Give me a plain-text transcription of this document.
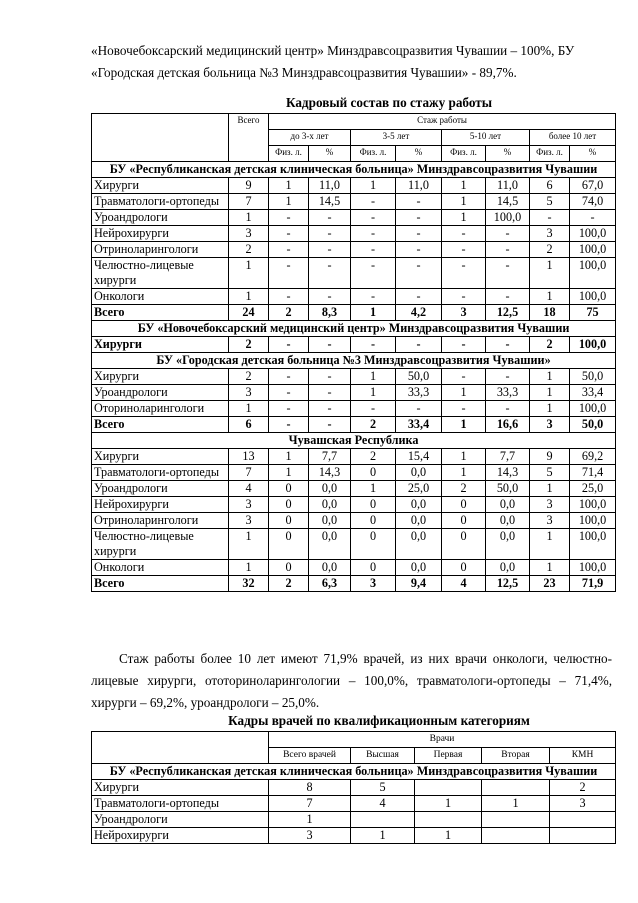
«Новочебоксарский медицинский центр» Минздравсоцразвития Чувашии – 100%, БУ «Городская детская больница №3 Минздравсоцразвития Чувашии» - 89,7%.

Кадровый состав по стажу работы
	Всего	Стаж работы							
		до 3-х лет		3-5 лет		5-10 лет		более 10 лет	
		Физ. л.	%	Физ. л.	%	Физ. л.	%	Физ. л.	%
БУ «Республиканская детская клиническая больница» Минздравсоцразвития Чувашии									
Хирурги	9	1	11,0	1	11,0	1	11,0	6	67,0
Травматологи-ортопеды	7	1	14,5	-	-	1	14,5	5	74,0
Уроандрологи	1	-	-	-	-	1	100,0	-	-
Нейрохирурги	3	-	-	-	-	-	-	3	100,0
Отриноларингологи	2	-	-	-	-	-	-	2	100,0
Челюстно-лицевые хирурги	1	-	-	-	-	-	-	1	100,0
Онкологи	1	-	-	-	-	-	-	1	100,0
Всего	24	2	8,3	1	4,2	3	12,5	18	75
БУ «Новочебоксарский медицинский центр» Минздравсоцразвития Чувашии									
Хирурги	2	-	-	-	-	-	-	2	100,0
БУ «Городская детская больница №3 Минздравсоцразвития Чувашии»									
Хирурги	2	-	-	1	50,0	-	-	1	50,0
Уроандрологи	3	-	-	1	33,3	1	33,3	1	33,4
Оториноларингологи	1	-	-	-	-	-	-	1	100,0
Всего	6	-	-	2	33,4	1	16,6	3	50,0
Чувашская Республика									
Хирурги	13	1	7,7	2	15,4	1	7,7	9	69,2
Травматологи-ортопеды	7	1	14,3	0	0,0	1	14,3	5	71,4
Уроандрологи	4	0	0,0	1	25,0	2	50,0	1	25,0
Нейрохирурги	3	0	0,0	0	0,0	0	0,0	3	100,0
Отриноларингологи	3	0	0,0	0	0,0	0	0,0	3	100,0
Челюстно-лицевые хирурги	1	0	0,0	0	0,0	0	0,0	1	100,0
Онкологи	1	0	0,0	0	0,0	0	0,0	1	100,0
Всего	32	2	6,3	3	9,4	4	12,5	23	71,9

Стаж работы более 10 лет имеют 71,9% врачей, из них врачи онкологи, челюстно-лицевые хирурги, ототориноларингологии – 100,0%, травматологи-ортопеды – 71,4%, хирурги – 69,2%, уроандрологи – 25,0%.

Кадры врачей по квалификационным категориям
	Врачи				
	Всего врачей	Высшая	Первая	Вторая	КМН
БУ «Республиканская детская клиническая больница» Минздравсоцразвития Чувашии					
Хирурги	8	5			2
Травматологи-ортопеды	7	4	1	1	3
Уроандрологи	1				
Нейрохирурги	3	1	1		
